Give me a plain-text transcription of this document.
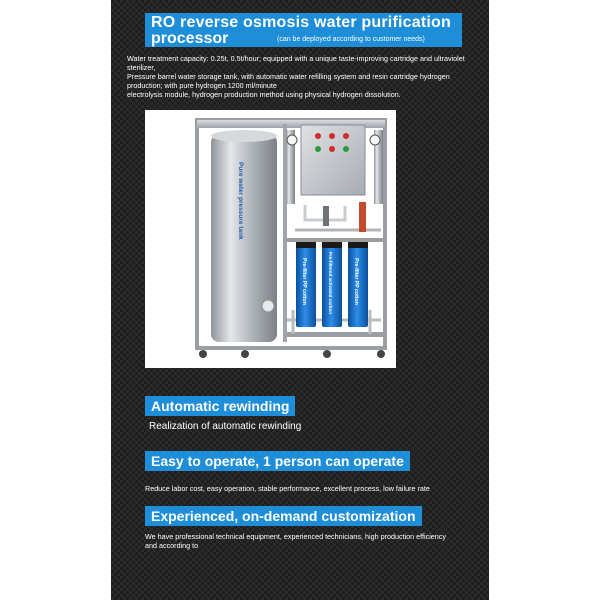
RO reverse osmosis water purification
processor	(can be deployed according to customer needs)

Water treatment capacity: 0.25t, 0.5t/hour; equipped with a unique taste-improving cartridge and ultraviolet sterilizer,

Pressure barrel water storage tank, with automatic water refilling system and resin cartridge hydrogen production; with pure hydrogen 1200 ml/minute

electrolysis module, hydrogen production method using physical hydrogen dissolution.

Pure water pressure tank
Pre-filter PP cotton	Pre-filtered activated carbon	Pre-filter PP cotton
Automatic rewinding
Realization of automatic rewinding
Easy to operate, 1 person can operate
Reduce labor cost, easy operation, stable performance, excellent process, low failure rate
Experienced, on-demand customization
We have professional technical equipment, experienced technicians, high production efficiency and according to
